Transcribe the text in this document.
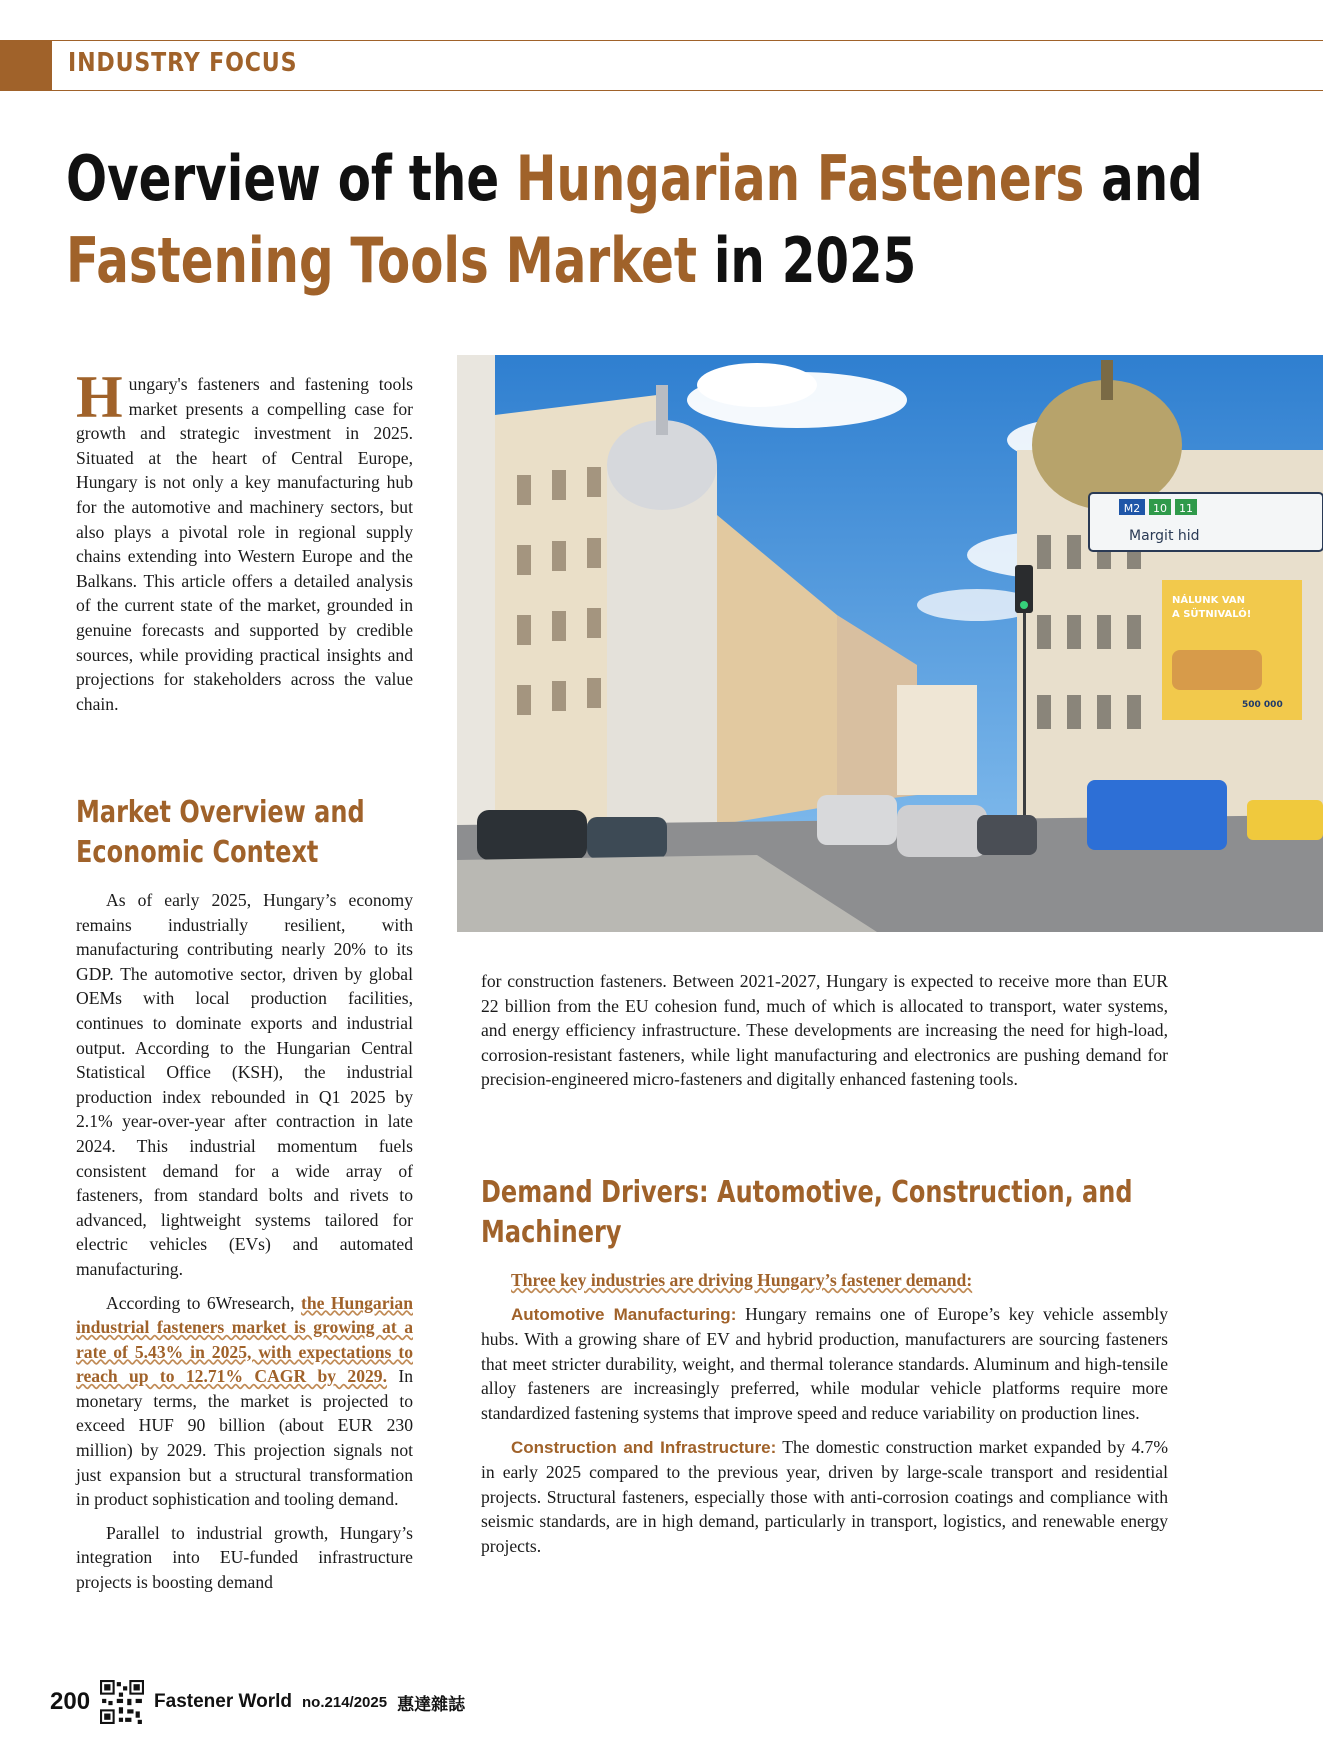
INDUSTRY FOCUS
Overview of the Hungarian Fasteners and
Fastening Tools Market in 2025
M2 10 11
Margit hid
NÁLUNK VAN
A SÜTNIVALÓ!
500 000

Hungary's fasteners and fastening tools market presents a compelling case for growth and strategic investment in 2025. Situated at the heart of Central Europe, Hungary is not only a key manufacturing hub for the automotive and machinery sectors, but also plays a pivotal role in regional supply chains extending into Western Europe and the Balkans. This article offers a detailed analysis of the current state of the market, grounded in genuine forecasts and supported by credible sources, while providing practical insights and projections for stakeholders across the value chain.

Market Overview and
Economic Context

As of early 2025, Hungary’s economy remains industrially resilient, with manufacturing contributing nearly 20% to its GDP. The automotive sector, driven by global OEMs with local production facilities, continues to dominate exports and industrial output. According to the Hungarian Central Statistical Office (KSH), the industrial production index rebounded in Q1 2025 by 2.1% year-over-year after contraction in late 2024. This industrial momentum fuels consistent demand for a wide array of fasteners, from standard bolts and rivets to advanced, lightweight systems tailored for electric vehicles (EVs) and automated manufacturing.

According to 6Wresearch, the Hungarian industrial fasteners market is growing at a rate of 5.43% in 2025, with expectations to reach up to 12.71% CAGR by 2029. In monetary terms, the market is projected to exceed HUF 90 billion (about EUR 230 million) by 2029. This projection signals not just expansion but a structural transformation in product sophistication and tooling demand.

Parallel to industrial growth, Hungary’s integration into EU-funded infrastructure projects is boosting demand

for construction fasteners. Between 2021-2027, Hungary is expected to receive more than EUR 22 billion from the EU cohesion fund, much of which is allocated to transport, water systems, and energy efficiency infrastructure. These developments are increasing the need for high-load, corrosion-resistant fasteners, while light manufacturing and electronics are pushing demand for precision-engineered micro-fasteners and digitally enhanced fastening tools.

Demand Drivers: Automotive, Construction, and
Machinery

Three key industries are driving Hungary’s fastener demand:

Automotive Manufacturing: Hungary remains one of Europe’s key vehicle assembly hubs. With a growing share of EV and hybrid production, manufacturers are sourcing fasteners that meet stricter durability, weight, and thermal tolerance standards. Aluminum and high-tensile alloy fasteners are increasingly preferred, while modular vehicle platforms require more standardized fastening systems that improve speed and reduce variability on production lines.

Construction and Infrastructure: The domestic construction market expanded by 4.7% in early 2025 compared to the previous year, driven by large-scale transport and residential projects. Structural fasteners, especially those with anti-corrosion coatings and compliance with seismic standards, are in high demand, particularly in transport, logistics, and renewable energy projects.

200	Fastener World no.214/2025 惠達雜誌
